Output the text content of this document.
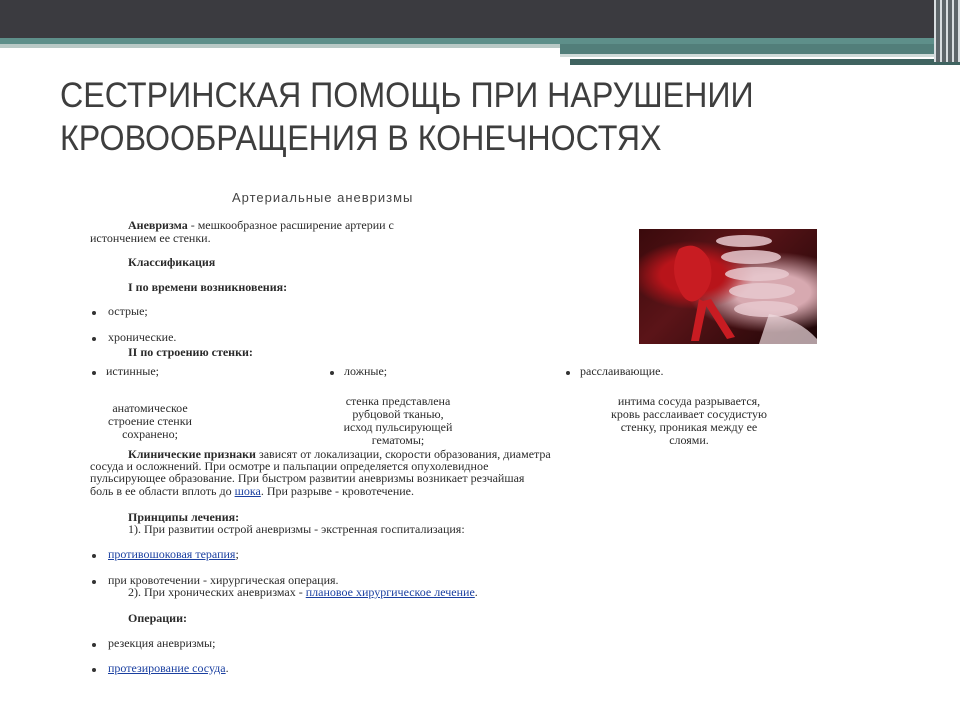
СЕСТРИНСКАЯ ПОМОЩЬ ПРИ НАРУШЕНИИ
КРОВООБРАЩЕНИЯ В КОНЕЧНОСТЯХ
Артериальные аневризмы
Аневризма - мешкообразное расширение артерии с
истончением ее стенки.
Классификация
I по времени возникновения:
острые;
хронические.
II по строению стенки:
истинные;	ложные;	расслаивающие.
анатомическое
строение стенки
сохранено;
стенка представлена
рубцовой тканью,
исход пульсирующей
гематомы;
интима сосуда разрывается,
кровь расслаивает сосудистую
стенку, проникая между ее
слоями.
Клинические признаки зависят от локализации, скорости образования, диаметра
сосуда и осложнений. При осмотре и пальпации определяется опухолевидное
пульсирующее образование. При быстром развитии аневризмы возникает резчайшая
боль в ее области вплоть до шока. При разрыве - кровотечение.
Принципы лечения:
1). При развитии острой аневризмы - экстренная госпитализация:
противошоковая терапия;
при кровотечении - хирургическая операция.
2). При хронических аневризмах - плановое хирургическое лечение.
Операции:
резекция аневризмы;
протезирование сосуда.
